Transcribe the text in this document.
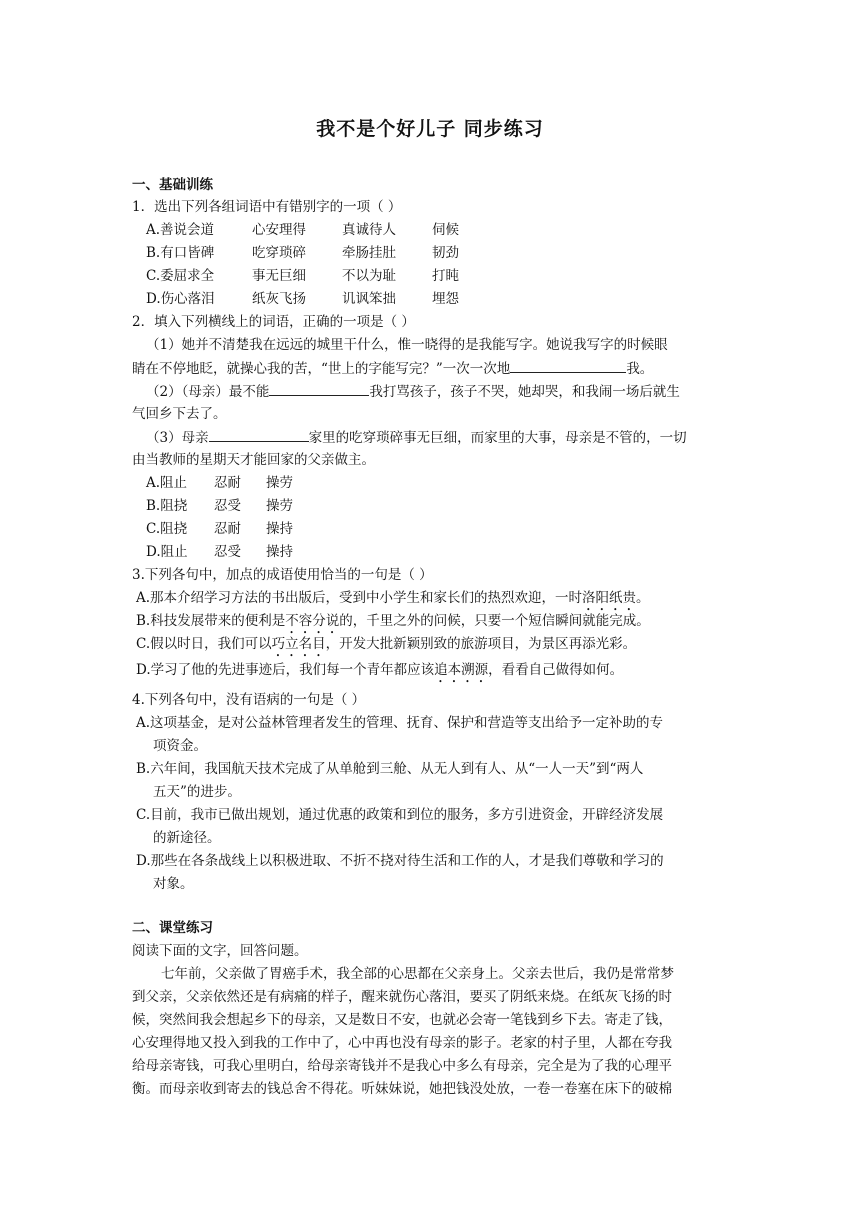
我不是个好儿子 同步练习
一、基础训练
1．选出下列各组词语中有错别字的一项（ ）
A.善说会道	心安理得	真诚待人	伺候
B.有口皆碑	吃穿琐碎	牵肠挂肚	韧劲
C.委屈求全	事无巨细	不以为耻	打盹
D.伤心落泪	纸灰飞扬	讥讽笨拙	埋怨
2．填入下列横线上的词语，正确的一项是（ ）
（1）她并不清楚我在远远的城里干什么，惟一晓得的是我能写字。她说我写字的时候眼
睛在不停地眨，就操心我的苦，“世上的字能写完？”一次一次地	我。
（2）（母亲）最不能	我打骂孩子，孩子不哭，她却哭，和我闹一场后就生
气回乡下去了。
（3）母亲	家里的吃穿琐碎事无巨细，而家里的大事，母亲是不管的，一切
由当教师的星期天才能回家的父亲做主。
A.阻止 忍耐 操劳
B.阻挠 忍受 操劳
C.阻挠 忍耐 操持
D.阻止 忍受 操持
3.下列各句中，加点的成语使用恰当的一句是（ ）
A.那本介绍学习方法的书出版后，受到中小学生和家长们的热烈欢迎，一时洛阳纸贵。
B.科技发展带来的便利是不容分说的，千里之外的问候，只要一个短信瞬间就能完成。
C.假以时日，我们可以巧立名目，开发大批新颖别致的旅游项目，为景区再添光彩。
D.学习了他的先进事迹后，我们每一个青年都应该追本溯源，看看自己做得如何。
4.下列各句中，没有语病的一句是（ ）
A.这项基金，是对公益林管理者发生的管理、抚育、保护和营造等支出给予一定补助的专
项资金。
B.六年间，我国航天技术完成了从单舱到三舱、从无人到有人、从“一人一天”到“两人
五天”的进步。
C.目前，我市已做出规划，通过优惠的政策和到位的服务，多方引进资金，开辟经济发展
的新途径。
D.那些在各条战线上以积极进取、不折不挠对待生活和工作的人，才是我们尊敬和学习的
对象。
二、课堂练习
阅读下面的文字，回答问题。
七年前，父亲做了胃癌手术，我全部的心思都在父亲身上。父亲去世后，我仍是常常梦
到父亲，父亲依然还是有病痛的样子，醒来就伤心落泪，要买了阴纸来烧。在纸灰飞扬的时
候，突然间我会想起乡下的母亲，又是数日不安，也就必会寄一笔钱到乡下去。寄走了钱，
心安理得地又投入到我的工作中了，心中再也没有母亲的影子。老家的村子里，人都在夸我
给母亲寄钱，可我心里明白，给母亲寄钱并不是我心中多么有母亲，完全是为了我的心理平
衡。而母亲收到寄去的钱总舍不得花。听妹妹说，她把钱没处放，一卷一卷塞在床下的破棉
